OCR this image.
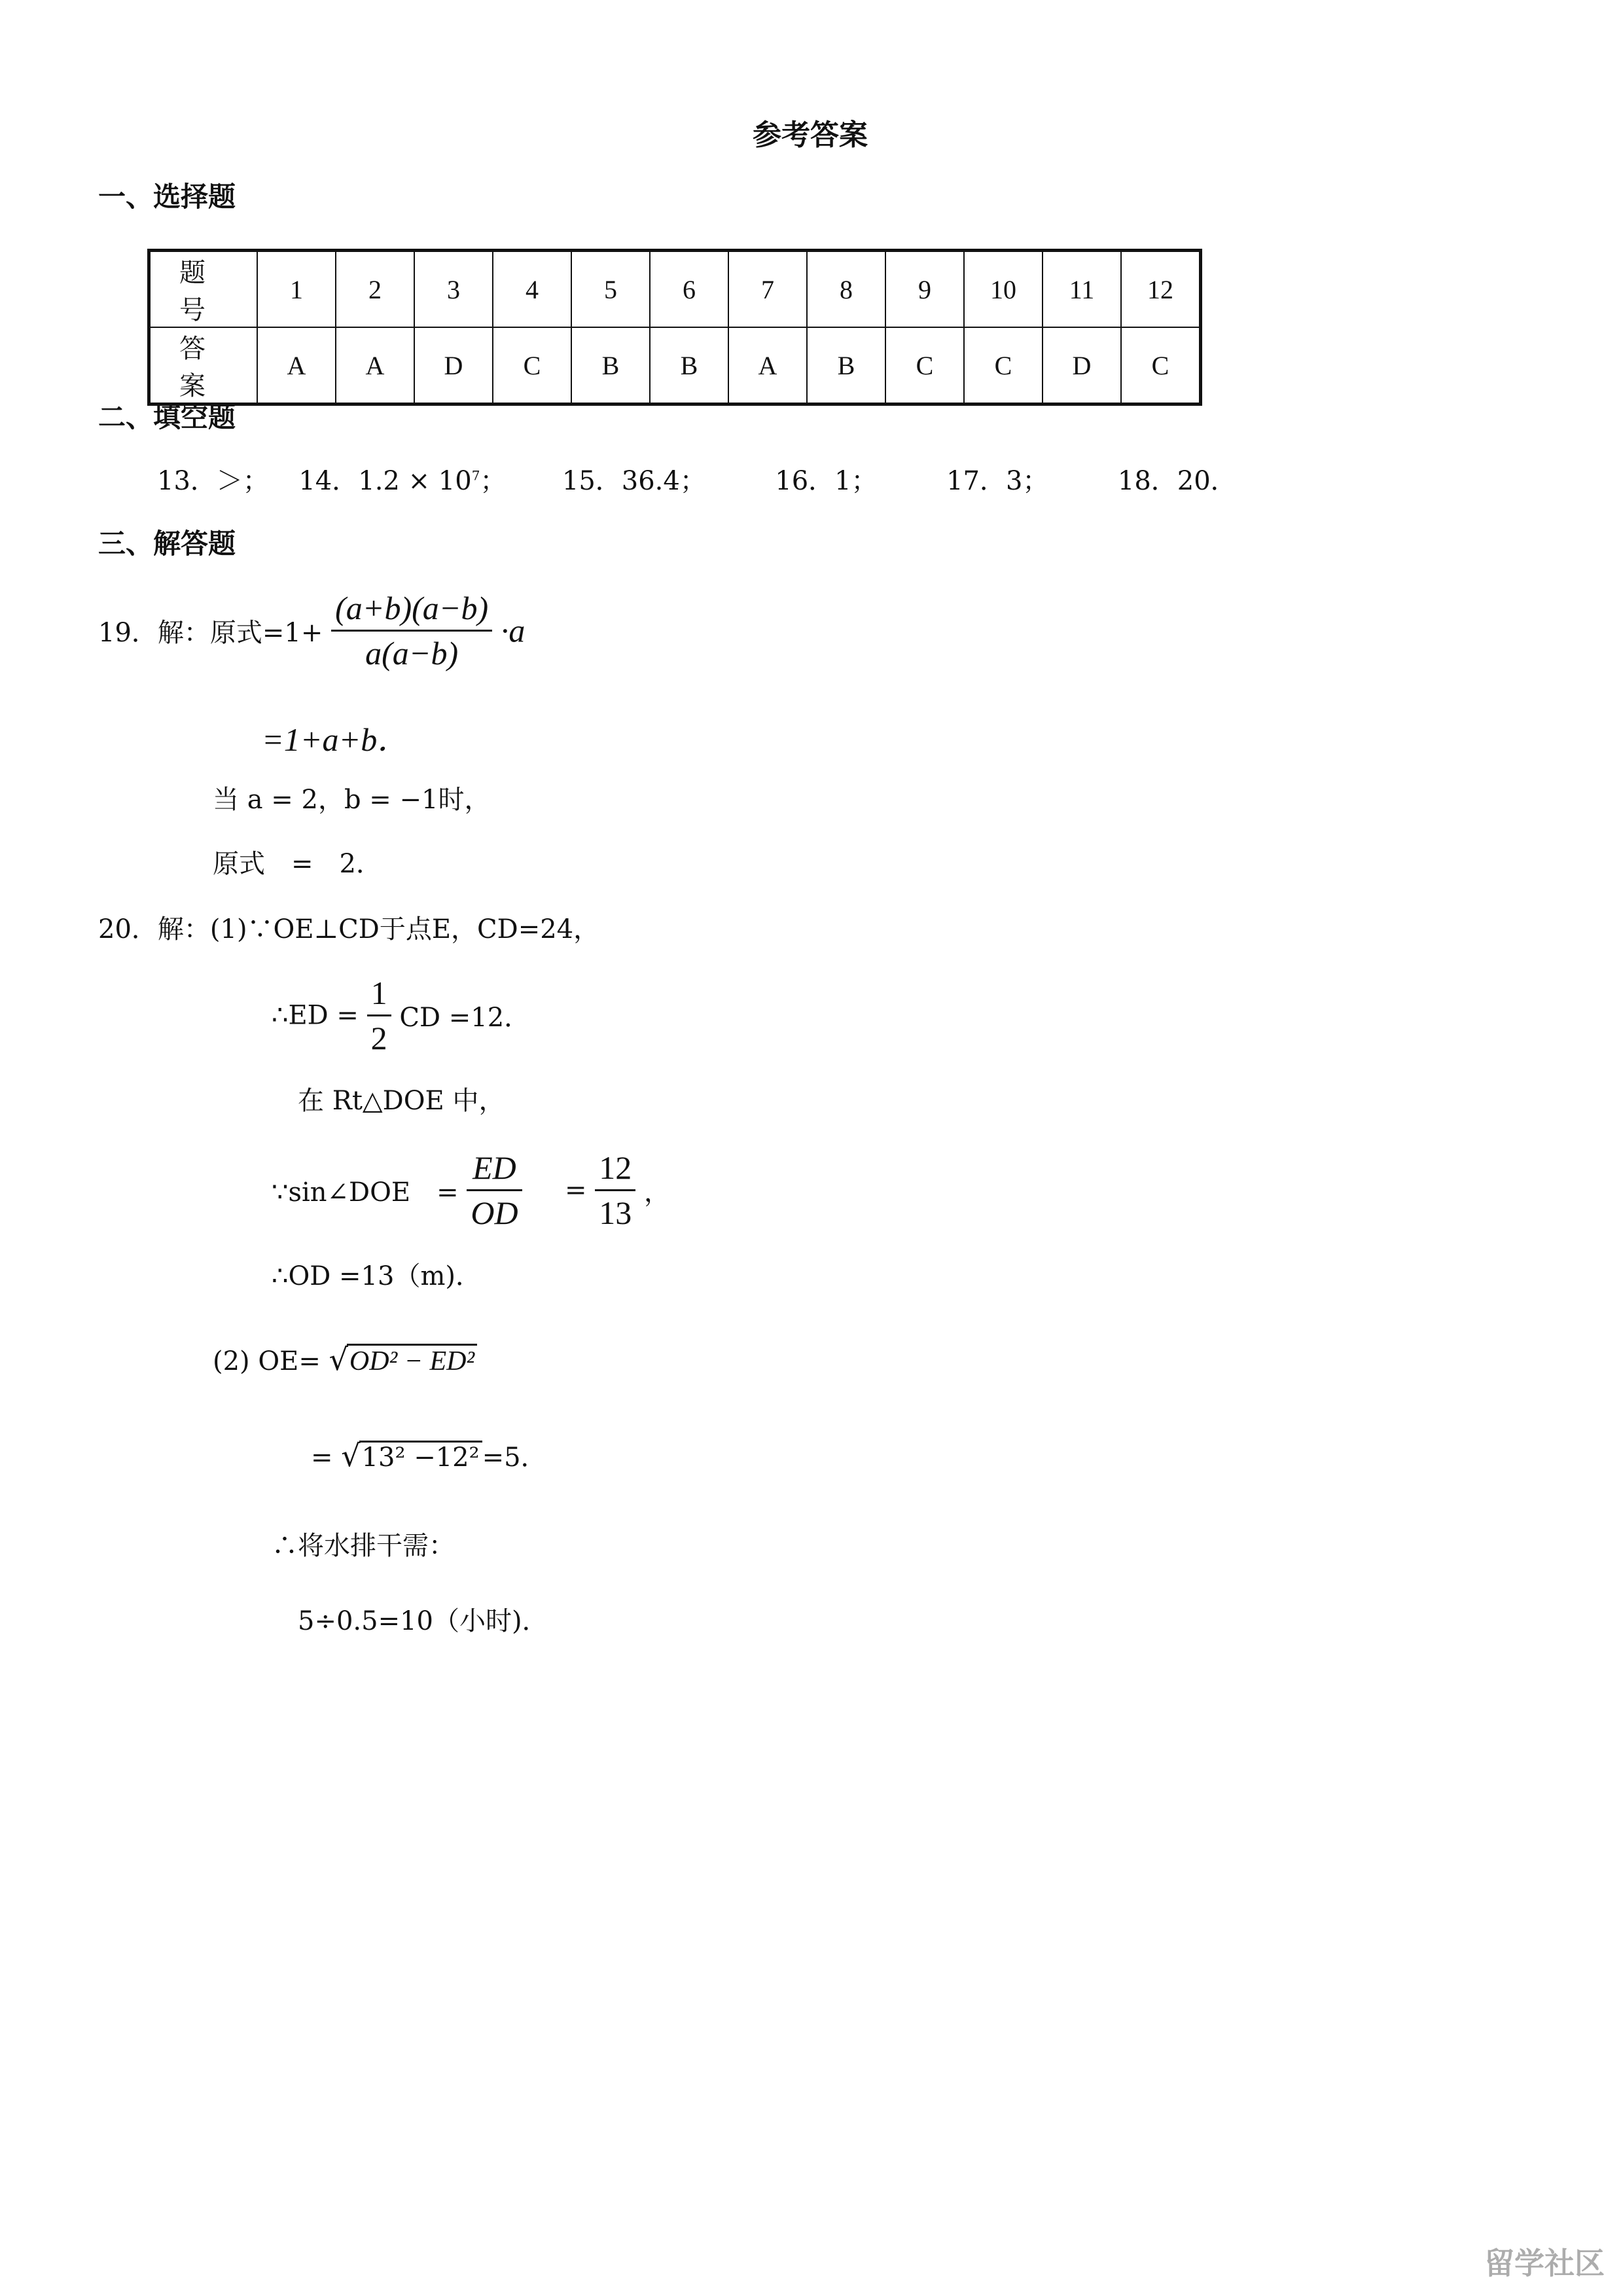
参考答案
一、选择题
题 号	1	2	3	4	5	6	7	8	9	10	11	12
答 案	A	A	D	C	B	B	A	B	C	C	D	C
二、填空题
13．＞； 14．$1.2 \times 10^7$； 15．36.4；	16．1；	17．3；	18．20．
三、解答题
19．解：原式$=1+ \frac{(a+b)(a-b)}{a(a-b)} \cdot a$
=1+a+b．
当 a = 2，b = −1时，
原式　=　2．
20．解：(1)∵OE⊥CD于点E，CD=24，
∴ED = $\frac{1}{2}$ CD =12．
在 Rt△DOE 中，
∵sin∠DOE　= $\frac{ED}{OD} = \frac{12}{13}$ ，
∴OD =13（m)．
(2) OE= √OD² − ED²
= √13² −12² =5．
∴将水排干需：
5÷0.5=10（小时)．
留学社区
